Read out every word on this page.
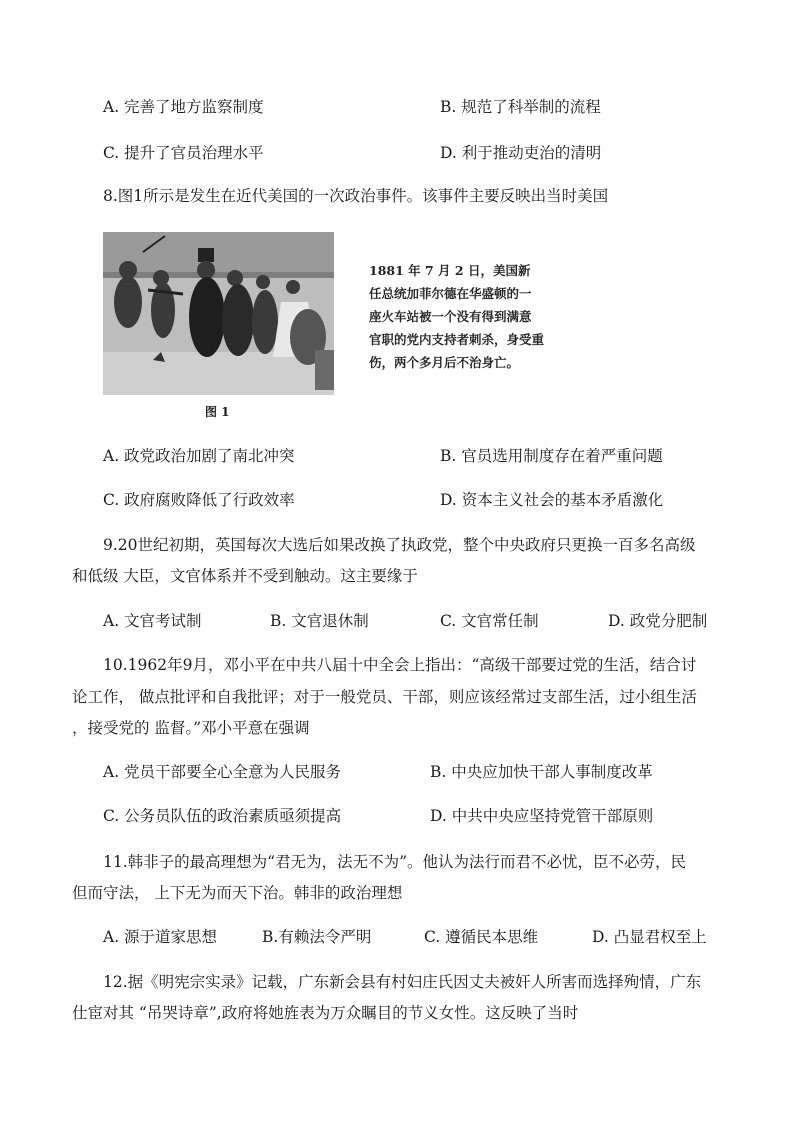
A. 完善了地方监察制度	B. 规范了科举制的流程
C. 提升了官员治理水平	D. 利于推动吏治的清明
8.图1所示是发生在近代美国的一次政治事件。该事件主要反映出当时美国
1881 年 7 月 2 日，美国新
任总统加菲尔德在华盛顿的一
座火车站被一个没有得到满意
官职的党内支持者刺杀，身受重
伤，两个多月后不治身亡。
图 1
A. 政党政治加剧了南北冲突	B. 官员选用制度存在着严重问题
C. 政府腐败降低了行政效率	D. 资本主义社会的基本矛盾激化
9.20世纪初期，英国每次大选后如果改换了执政党，整个中央政府只更换一百多名高级
和低级 大臣，文官体系并不受到触动。这主要缘于
A. 文官考试制	B. 文官退休制	C. 文官常任制	D. 政党分肥制
10.1962年9月，邓小平在中共八届十中全会上指出：“高级干部要过党的生活，结合讨
论工作， 做点批评和自我批评；对于一般党员、干部，则应该经常过支部生活，过小组生活
，接受党的 监督。”邓小平意在强调
A. 党员干部要全心全意为人民服务	B. 中央应加快干部人事制度改革
C. 公务员队伍的政治素质亟须提高	D. 中共中央应坚持党管干部原则
11.韩非子的最高理想为“君无为，法无不为”。他认为法行而君不必忧，臣不必劳，民
但而守法， 上下无为而天下治。韩非的政治理想
A. 源于道家思想	B.有赖法令严明	C. 遵循民本思维	D. 凸显君权至上
12.据《明宪宗实录》记载，广东新会县有村妇庄氏因丈夫被奸人所害而选择殉情，广东
仕宦对其 “吊哭诗章”,政府将她旌表为万众瞩目的节义女性。这反映了当时
